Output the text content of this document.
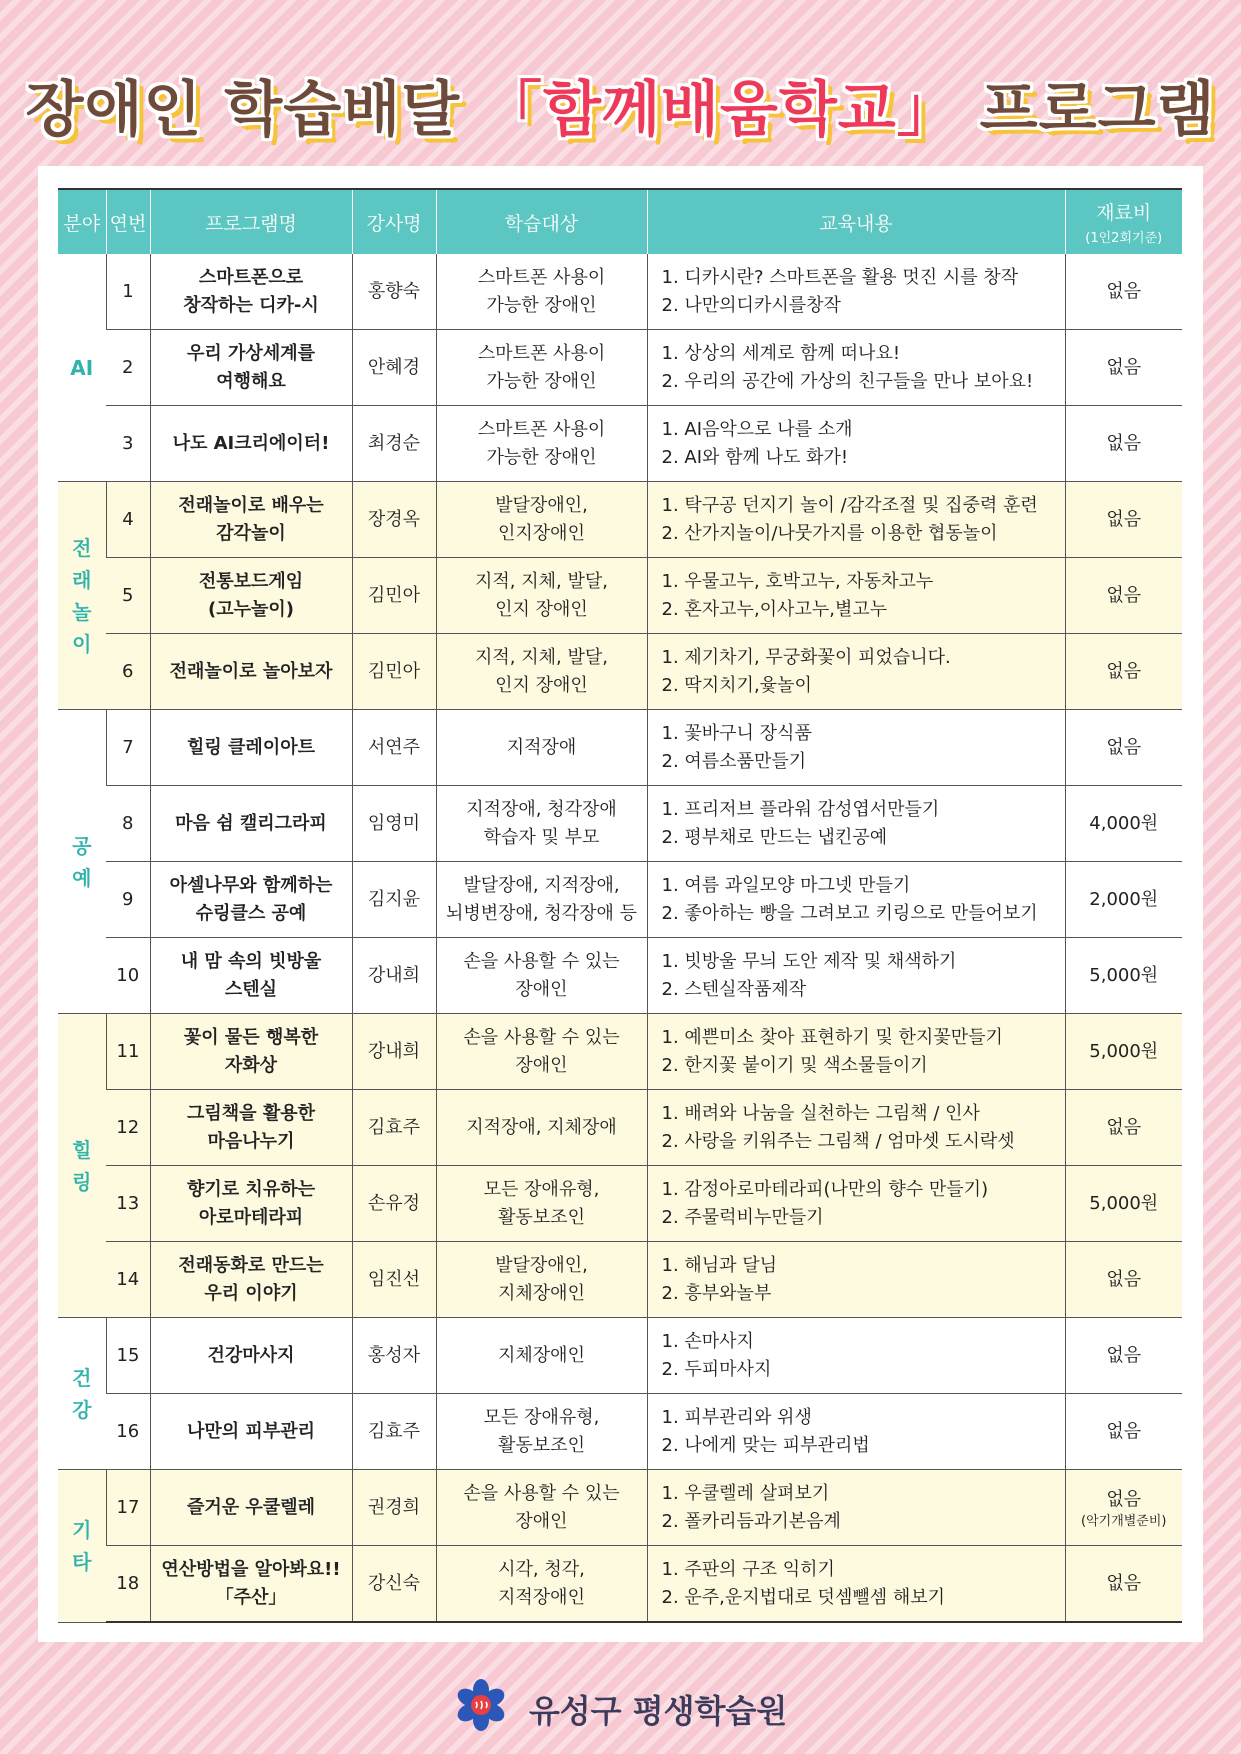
장애인 학습배달 「함께배움학교」 프로그램
분야	연번	프로그램명	강사명	학습대상	교육내용	재료비
(1인2회기준)

AI	1	스마트폰으로
창작하는 디카-시	홍향숙	스마트폰 사용이
가능한 장애인	1. 디카시란? 스마트폰을 활용 멋진 시를 창작
2. 나만의디카시를창작	없음
	2	우리 가상세계를
여행해요	안혜경	스마트폰 사용이
가능한 장애인	1. 상상의 세계로 함께 떠나요!
2. 우리의 공간에 가상의 친구들을 만나 보아요!	없음
	3	나도 AI크리에이터!	최경순	스마트폰 사용이
가능한 장애인	1. AI음악으로 나를 소개
2. AI와 함께 나도 화가!	없음
전
래
놀
이	4	전래놀이로 배우는
감각놀이	장경옥	발달장애인,
인지장애인	1. 탁구공 던지기 놀이 /감각조절 및 집중력 훈련
2. 산가지놀이/나뭇가지를 이용한 협동놀이	없음
	5	전통보드게임
(고누놀이)	김민아	지적, 지체, 발달,
인지 장애인	1. 우물고누, 호박고누, 자동차고누
2. 혼자고누,이사고누,별고누	없음
	6	전래놀이로 놀아보자	김민아	지적, 지체, 발달,
인지 장애인	1. 제기차기, 무궁화꽃이 피었습니다.
2. 딱지치기,윷놀이	없음
공
예	7	힐링 클레이아트	서연주	지적장애	1. 꽃바구니 장식품
2. 여름소품만들기	없음
	8	마음 쉼 캘리그라피	임영미	지적장애, 청각장애
학습자 및 부모	1. 프리저브 플라워 감성엽서만들기
2. 평부채로 만드는 냅킨공예	4,000원
	9	아셀나무와 함께하는
슈링클스 공예	김지윤	발달장애, 지적장애,
뇌병변장애, 청각장애 등	1. 여름 과일모양 마그넷 만들기
2. 좋아하는 빵을 그려보고 키링으로 만들어보기	2,000원
	10	내 맘 속의 빗방울
스텐실	강내희	손을 사용할 수 있는
장애인	1. 빗방울 무늬 도안 제작 및 채색하기
2. 스텐실작품제작	5,000원
힐
링	11	꽃이 물든 행복한
자화상	강내희	손을 사용할 수 있는
장애인	1. 예쁜미소 찾아 표현하기 및 한지꽃만들기
2. 한지꽃 붙이기 및 색소물들이기	5,000원
	12	그림책을 활용한
마음나누기	김효주	지적장애, 지체장애	1. 배려와 나눔을 실천하는 그림책 / 인사
2. 사랑을 키워주는 그림책 / 엄마셋 도시락셋	없음
	13	향기로 치유하는
아로마테라피	손유정	모든 장애유형,
활동보조인	1. 감정아로마테라피(나만의 향수 만들기)
2. 주물럭비누만들기	5,000원
	14	전래동화로 만드는
우리 이야기	임진선	발달장애인,
지체장애인	1. 해님과 달님
2. 흥부와놀부	없음
건
강	15	건강마사지	홍성자	지체장애인	1. 손마사지
2. 두피마사지	없음
	16	나만의 피부관리	김효주	모든 장애유형,
활동보조인	1. 피부관리와 위생
2. 나에게 맞는 피부관리법	없음
기
타	17	즐거운 우쿨렐레	권경희	손을 사용할 수 있는
장애인	1. 우쿨렐레 살펴보기
2. 폴카리듬과기본음계	없음
(악기개별준비)

	18	연산방법을 알아봐요!!
「주산」	강신숙	시각, 청각,
지적장애인	1. 주판의 구조 익히기
2. 운주,운지법대로 덧셈뺄셈 해보기	없음
유성구 평생학습원
